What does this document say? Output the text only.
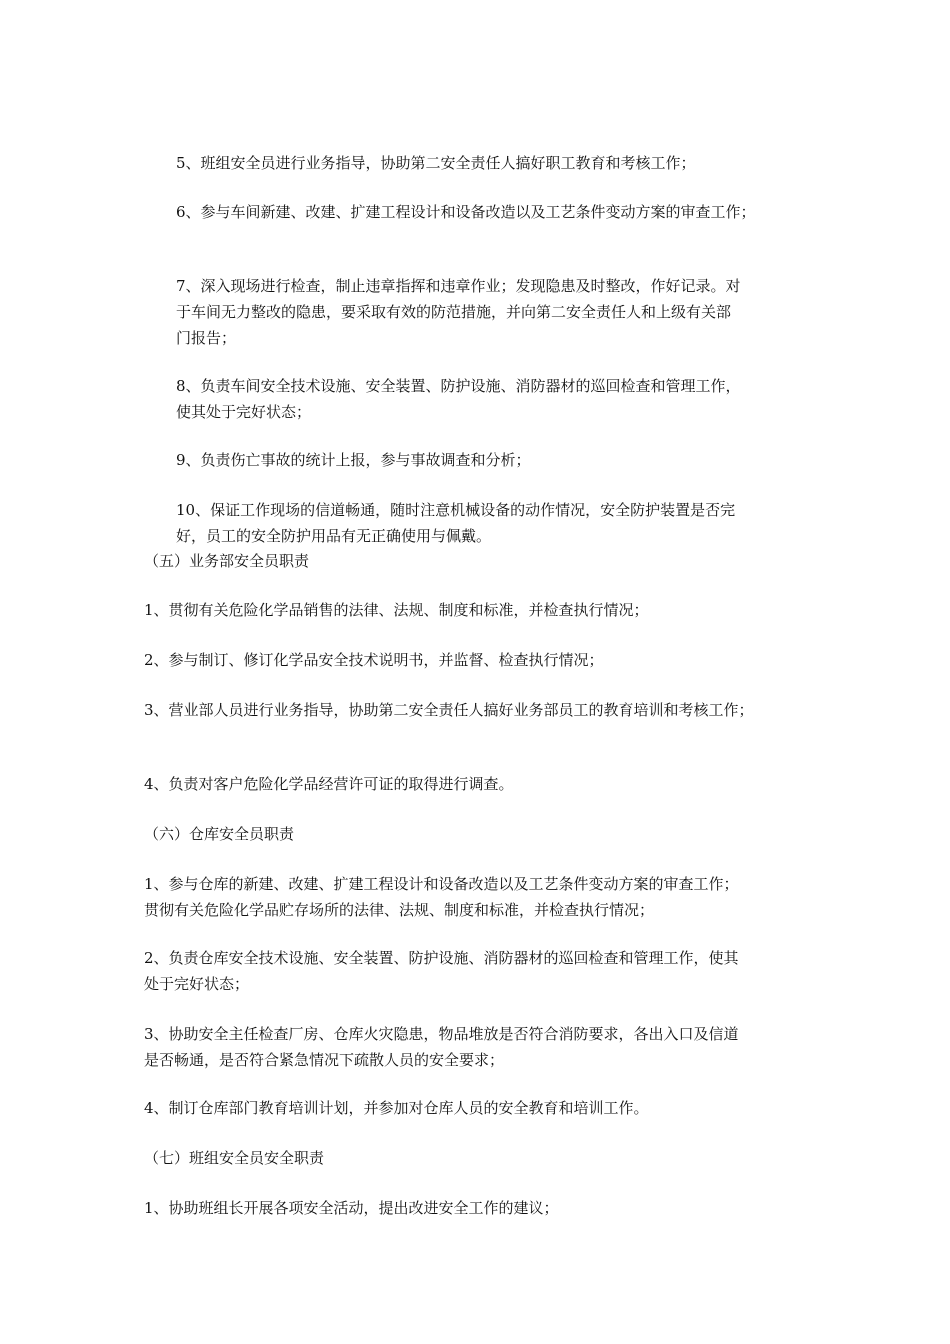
5、班组安全员进行业务指导，协助第二安全责任人搞好职工教育和考核工作；

6、参与车间新建、改建、扩建工程设计和设备改造以及工艺条件变动方案的审查工作；

7、深入现场进行检查，制止违章指挥和违章作业；发现隐患及时整改，作好记录。对

于车间无力整改的隐患，要采取有效的防范措施，并向第二安全责任人和上级有关部

门报告；

8、负责车间安全技术设施、安全装置、防护设施、消防器材的巡回检查和管理工作，

使其处于完好状态；

9、负责伤亡事故的统计上报，参与事故调查和分析；

10、保证工作现场的信道畅通，随时注意机械设备的动作情况，安全防护装置是否完

好，员工的安全防护用品有无正确使用与佩戴。

（五）业务部安全员职责

1、贯彻有关危险化学品销售的法律、法规、制度和标准，并检查执行情况；

2、参与制订、修订化学品安全技术说明书，并监督、检查执行情况；

3、营业部人员进行业务指导，协助第二安全责任人搞好业务部员工的教育培训和考核工作；

4、负责对客户危险化学品经营许可证的取得进行调查。

（六）仓库安全员职责

1、参与仓库的新建、改建、扩建工程设计和设备改造以及工艺条件变动方案的审查工作；

贯彻有关危险化学品贮存场所的法律、法规、制度和标准，并检查执行情况；

2、负责仓库安全技术设施、安全装置、防护设施、消防器材的巡回检查和管理工作，使其

处于完好状态；

3、协助安全主任检查厂房、仓库火灾隐患，物品堆放是否符合消防要求，各出入口及信道

是否畅通，是否符合紧急情况下疏散人员的安全要求；

4、制订仓库部门教育培训计划，并参加对仓库人员的安全教育和培训工作。

（七）班组安全员安全职责

1、协助班组长开展各项安全活动，提出改进安全工作的建议；
